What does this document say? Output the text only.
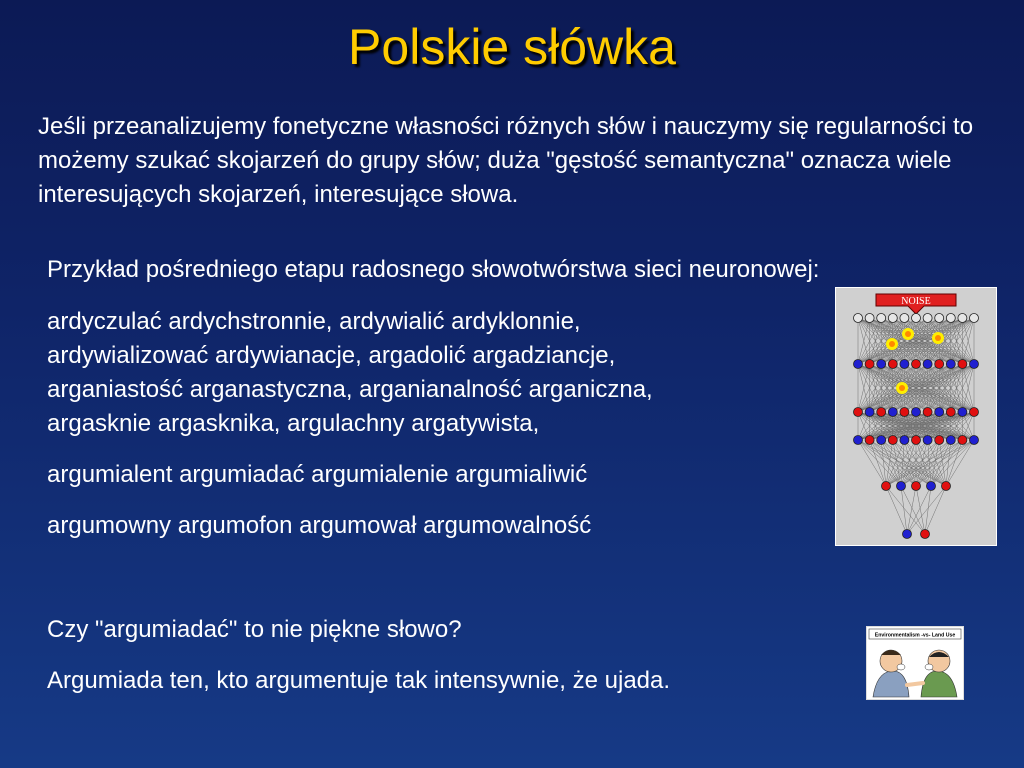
Polskie słówka
Jeśli przeanalizujemy fonetyczne własności różnych słów i nauczymy się regularności to możemy szukać skojarzeń do grupy słów; duża "gęstość semantyczna" oznacza wiele interesujących skojarzeń, interesujące słowa.
Przykład pośredniego etapu radosnego słowotwórstwa sieci neuronowej:
ardyczulać ardychstronnie, ardywialić ardyklonnie,
ardywializować ardywianacje, argadolić argadziancje,
arganiastość arganastyczna, arganianalność arganiczna,
argasknie argasknika, argulachny argatywista,
argumialent argumiadać argumialenie argumialiwić
argumowny argumofon argumował argumowalność
Czy "argumiadać" to nie piękne słowo?
Argumiada ten, kto argumentuje tak intensywnie, że ujada.
NOISE
Environmentalism -vs- Land Use
